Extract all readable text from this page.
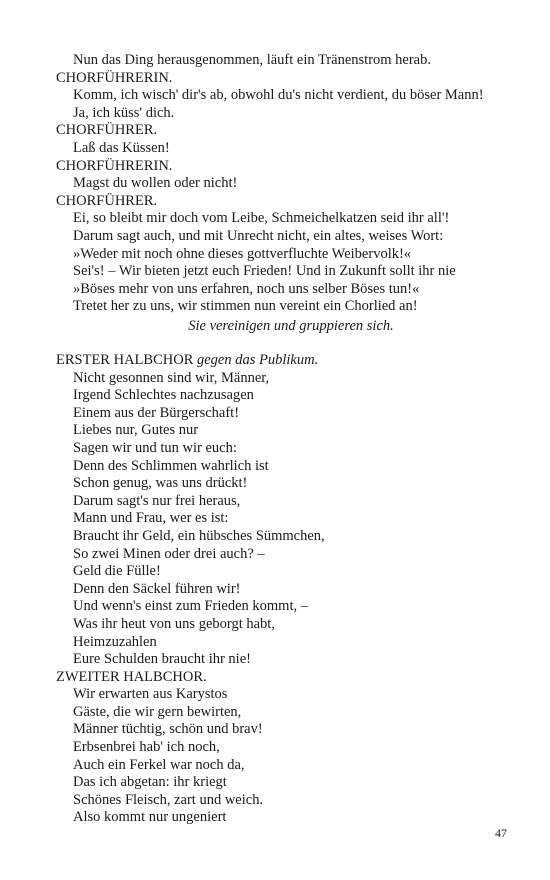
Nun das Ding herausgenommen, läuft ein Tränenstrom herab.
CHORFÜHRERIN.
Komm, ich wisch' dir's ab, obwohl du's nicht verdient, du böser Mann!
Ja, ich küss' dich.
CHORFÜHRER.
Laß das Küssen!
CHORFÜHRERIN.
Magst du wollen oder nicht!
CHORFÜHRER.
Ei, so bleibt mir doch vom Leibe, Schmeichelkatzen seid ihr all'!
Darum sagt auch, und mit Unrecht nicht, ein altes, weises Wort:
»Weder mit noch ohne dieses gottverfluchte Weibervolk!«
Sei's! – Wir bieten jetzt euch Frieden! Und in Zukunft sollt ihr nie
»Böses mehr von uns erfahren, noch uns selber Böses tun!«
Tretet her zu uns, wir stimmen nun vereint ein Chorlied an!
Sie vereinigen und gruppieren sich.
ERSTER HALBCHOR gegen das Publikum.
Nicht gesonnen sind wir, Männer,
Irgend Schlechtes nachzusagen
Einem aus der Bürgerschaft!
Liebes nur, Gutes nur
Sagen wir und tun wir euch:
Denn des Schlimmen wahrlich ist
Schon genug, was uns drückt!
Darum sagt's nur frei heraus,
Mann und Frau, wer es ist:
Braucht ihr Geld, ein hübsches Sümmchen,
So zwei Minen oder drei auch? –
Geld die Fülle!
Denn den Säckel führen wir!
Und wenn's einst zum Frieden kommt, –
Was ihr heut von uns geborgt habt,
Heimzuzahlen
Eure Schulden braucht ihr nie!
ZWEITER HALBCHOR.
Wir erwarten aus Karystos
Gäste, die wir gern bewirten,
Männer tüchtig, schön und brav!
Erbsenbrei hab' ich noch,
Auch ein Ferkel war noch da,
Das ich abgetan: ihr kriegt
Schönes Fleisch, zart und weich.
Also kommt nur ungeniert
47
